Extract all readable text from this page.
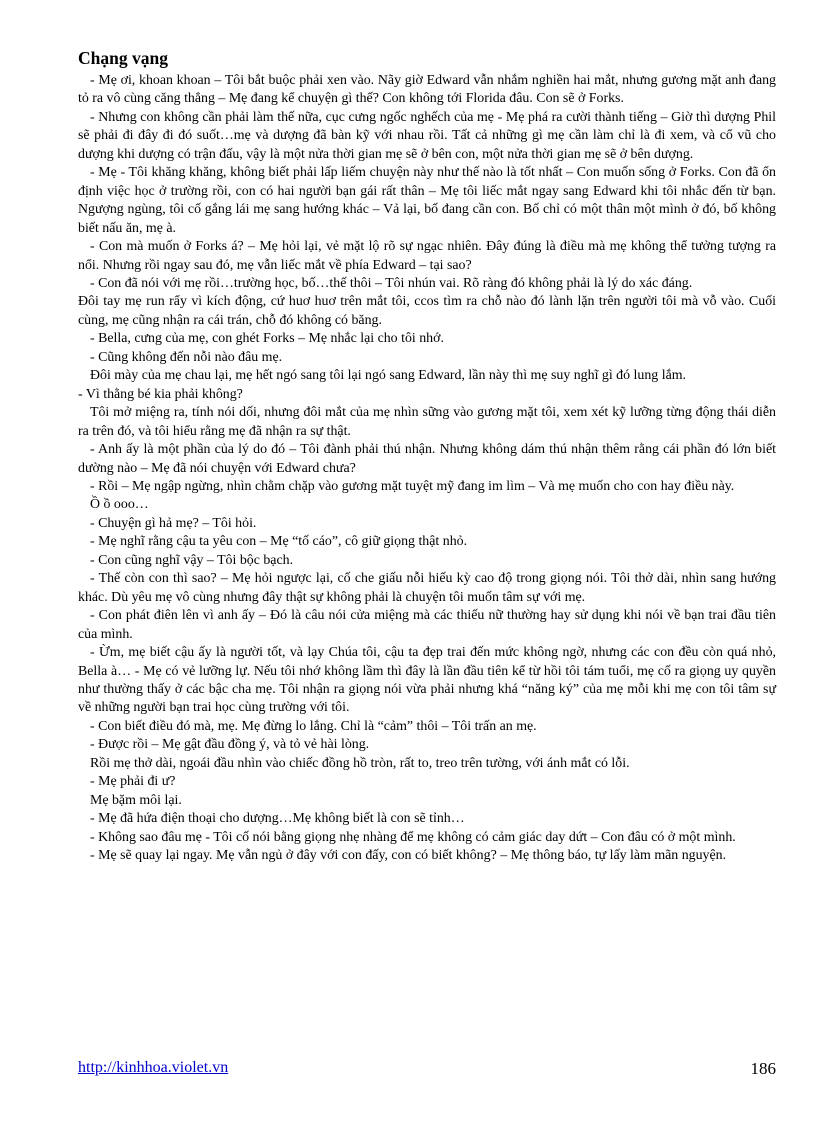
Chạng vạng

- Mẹ ơi, khoan khoan – Tôi bắt buộc phải xen vào. Nãy giờ Edward vẫn nhắm nghiền hai mắt, nhưng gương mặt anh đang tỏ ra vô cùng căng thẳng – Mẹ đang kể chuyện gì thế? Con không tới Florida đâu. Con sẽ ở Forks.

- Nhưng con không cần phải làm thế nữa, cục cưng ngốc nghếch của mẹ - Mẹ phá ra cười thành tiếng – Giờ thì dượng Phil sẽ phải đi đây đi đó suốt…mẹ và dượng đã bàn kỹ với nhau rồi. Tất cả những gì mẹ cần làm chỉ là đi xem, và cổ vũ cho dượng khi dượng có trận đấu, vậy là một nửa thời gian mẹ sẽ ở bên con, một nửa thời gian mẹ sẽ ở bên dượng.

- Mẹ - Tôi khăng khăng, không biết phải lấp liếm chuyện này như thế nào là tốt nhất – Con muốn sống ở Forks. Con đã ổn định việc học ở trường rồi, con có hai người bạn gái rất thân – Mẹ tôi liếc mắt ngay sang Edward khi tôi nhắc đến từ bạn. Ngượng ngùng, tôi cố gắng lái mẹ sang hướng khác – Vả lại, bố đang cần con. Bố chỉ có một thân một mình ở đó, bố không biết nấu ăn, mẹ à.

- Con mà muốn ở Forks á? – Mẹ hỏi lại, vẻ mặt lộ rõ sự ngạc nhiên. Đây đúng là điều mà mẹ không thể tưởng tượng ra nổi. Nhưng rồi ngay sau đó, mẹ vẫn liếc mắt về phía Edward – tại sao?

- Con đã nói với mẹ rồi…trường học, bố…thế thôi – Tôi nhún vai. Rõ ràng đó không phải là lý do xác đáng.

Đôi tay mẹ run rẩy vì kích động, cứ huơ huơ trên mắt tôi, ccos tìm ra chỗ nào đó lành lặn trên người tôi mà vỗ vào. Cuối cùng, mẹ cũng nhận ra cái trán, chỗ đó không có băng.

- Bella, cưng của mẹ, con ghét Forks – Mẹ nhắc lại cho tôi nhớ.

- Cũng không đến nỗi nào đâu mẹ.

Đôi mày của mẹ chau lại, mẹ hết ngó sang tôi lại ngó sang Edward, lần này thì mẹ suy nghĩ gì đó lung lắm.

- Vì thằng bé kia phải không?

Tôi mở miệng ra, tính nói dối, nhưng đôi mắt của mẹ nhìn sững vào gương mặt tôi, xem xét kỹ lưỡng từng động thái diễn ra trên đó, và tôi hiểu rằng mẹ đã nhận ra sự thật.

- Anh ấy là một phần của lý do đó – Tôi đành phải thú nhận. Nhưng không dám thú nhận thêm rằng cái phần đó lớn biết dường nào – Mẹ đã nói chuyện với Edward chưa?

- Rồi – Mẹ ngập ngừng, nhìn chằm chặp vào gương mặt tuyệt mỹ đang im lìm – Và mẹ muốn cho con hay điều này.

Ồ ồ ooo…

- Chuyện gì hả mẹ? – Tôi hỏi.

- Mẹ nghĩ rằng cậu ta yêu con – Mẹ “tố cáo”, cô giữ giọng thật nhỏ.

- Con cũng nghĩ vậy – Tôi bộc bạch.

- Thế còn con thì sao? – Mẹ hỏi ngược lại, cố che giấu nỗi hiếu kỳ cao độ trong giọng nói. Tôi thở dài, nhìn sang hướng khác. Dù yêu mẹ vô cùng nhưng đây thật sự không phải là chuyện tôi muốn tâm sự với mẹ.

- Con phát điên lên vì anh ấy – Đó là câu nói cửa miệng mà các thiếu nữ thường hay sử dụng khi nói về bạn trai đầu tiên của mình.

- Ừm, mẹ biết cậu ấy là người tốt, và lạy Chúa tôi, cậu ta đẹp trai đến mức không ngờ, nhưng các con đều còn quá nhỏ, Bella à… - Mẹ có vẻ lưỡng lự. Nếu tôi nhớ không lầm thì đây là lần đầu tiên kể từ hồi tôi tám tuổi, mẹ cố ra giọng uy quyền như thường thấy ở các bậc cha mẹ. Tôi nhận ra giọng nói vừa phải nhưng khá “năng ký” của mẹ mỗi khi mẹ con tôi tâm sự về những người bạn trai học cùng trường với tôi.

- Con biết điều đó mà, mẹ. Mẹ đừng lo lắng. Chỉ là “cảm” thôi – Tôi trấn an mẹ.

- Được rồi – Mẹ gật đầu đồng ý, và tỏ vẻ hài lòng.

Rồi mẹ thở dài, ngoái đầu nhìn vào chiếc đồng hồ tròn, rất to, treo trên tường, với ánh mắt có lỗi.

- Mẹ phải đi ư?

Mẹ bặm môi lại.

- Mẹ đã hứa điện thoại cho dượng…Mẹ không biết là con sẽ tỉnh…

- Không sao đâu mẹ - Tôi cố nói bằng giọng nhẹ nhàng để mẹ không có cảm giác day dứt – Con đâu có ở một mình.

- Mẹ sẽ quay lại ngay. Mẹ vẫn ngủ ở đây với con đấy, con có biết không? – Mẹ thông báo, tự lấy làm mãn nguyện.

http://kinhhoa.violet.vn	186
